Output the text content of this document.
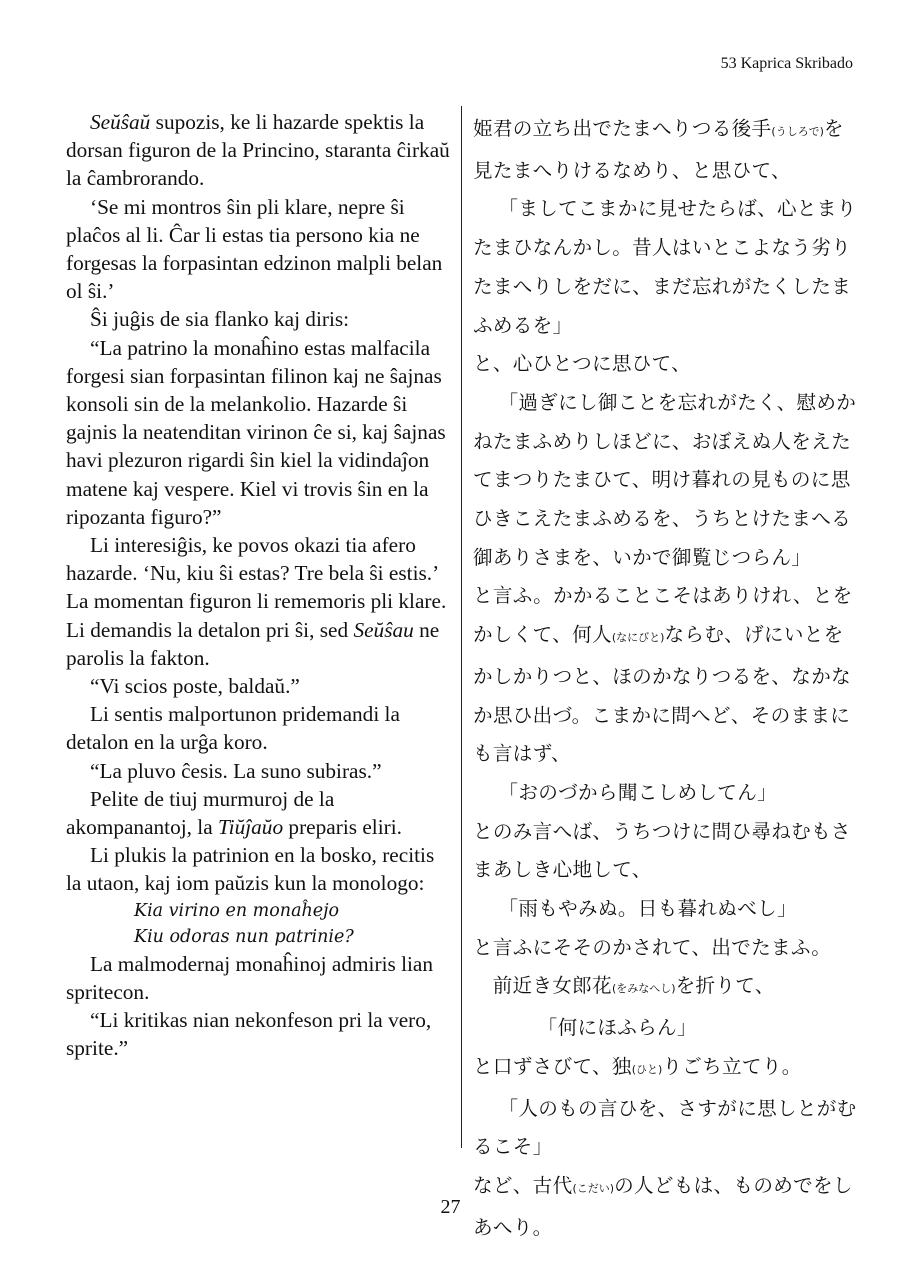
53 Kaprica Skribado

Seŭŝaŭ supozis, ke li hazarde spektis la dorsan figuron de la Princino, staranta ĉirkaŭ la ĉambrorando.

‘Se mi montros ŝin pli klare, nepre ŝi plaĉos al li. Ĉar li estas tia persono kia ne forgesas la forpasintan edzinon malpli belan ol ŝi.’

Ŝi juĝis de sia flanko kaj diris:

“La patrino la monaĥino estas malfacila forgesi sian forpasintan filinon kaj ne ŝajnas konsoli sin de la melankolio. Hazarde ŝi gajnis la neatenditan virinon ĉe si, kaj ŝajnas havi plezuron rigardi ŝin kiel la vidindaĵon matene kaj vespere. Kiel vi trovis ŝin en la ripozanta figuro?”

Li interesiĝis, ke povos okazi tia afero hazarde. ‘Nu, kiu ŝi estas? Tre bela ŝi estis.’ La momentan figuron li rememoris pli klare. Li demandis la detalon pri ŝi, sed Seŭŝau ne parolis la fakton.

“Vi scios poste, baldaŭ.”

Li sentis malportunon pridemandi la detalon en la urĝa koro.

“La pluvo ĉesis. La suno subiras.”

Pelite de tiuj murmuroj de la akompanantoj, la Tiŭĵaŭo preparis eliri.

Li plukis la patrinion en la bosko, recitis la utaon, kaj iom paŭzis kun la monologo:

Kia virino en monaĥejo

Kiu odoras nun patrinie?

La malmodernaj monaĥinoj admiris lian spritecon.

“Li kritikas nian nekonfeson pri la vero, sprite.”

姫君の立ち出でたまへりつる後手(うしろで)を見たまへりけるなめり、と思ひて、

「ましてこまかに見せたらば、心とまりたまひなんかし。昔人はいとこよなう劣りたまへりしをだに、まだ忘れがたくしたまふめるを」

と、心ひとつに思ひて、

「過ぎにし御ことを忘れがたく、慰めかねたまふめりしほどに、おぼえぬ人をえたてまつりたまひて、明け暮れの見ものに思ひきこえたまふめるを、うちとけたまへる御ありさまを、いかで御覧じつらん」

と言ふ。かかることこそはありけれ、とをかしくて、何人(なにびと)ならむ、げにいとをかしかりつと、ほのかなりつるを、なかなか思ひ出づ。こまかに問へど、そのままにも言はず、

「おのづから聞こしめしてん」

とのみ言へば、うちつけに問ひ尋ねむもさまあしき心地して、

「雨もやみぬ。日も暮れぬべし」

と言ふにそそのかされて、出でたまふ。

前近き女郎花(をみなへし)を折りて、

「何にほふらん」

と口ずさびて、独(ひと)りごち立てり。

「人のもの言ひを、さすがに思しとがむるこそ」

など、古代(こだい)の人どもは、ものめでをしあへり。

27
